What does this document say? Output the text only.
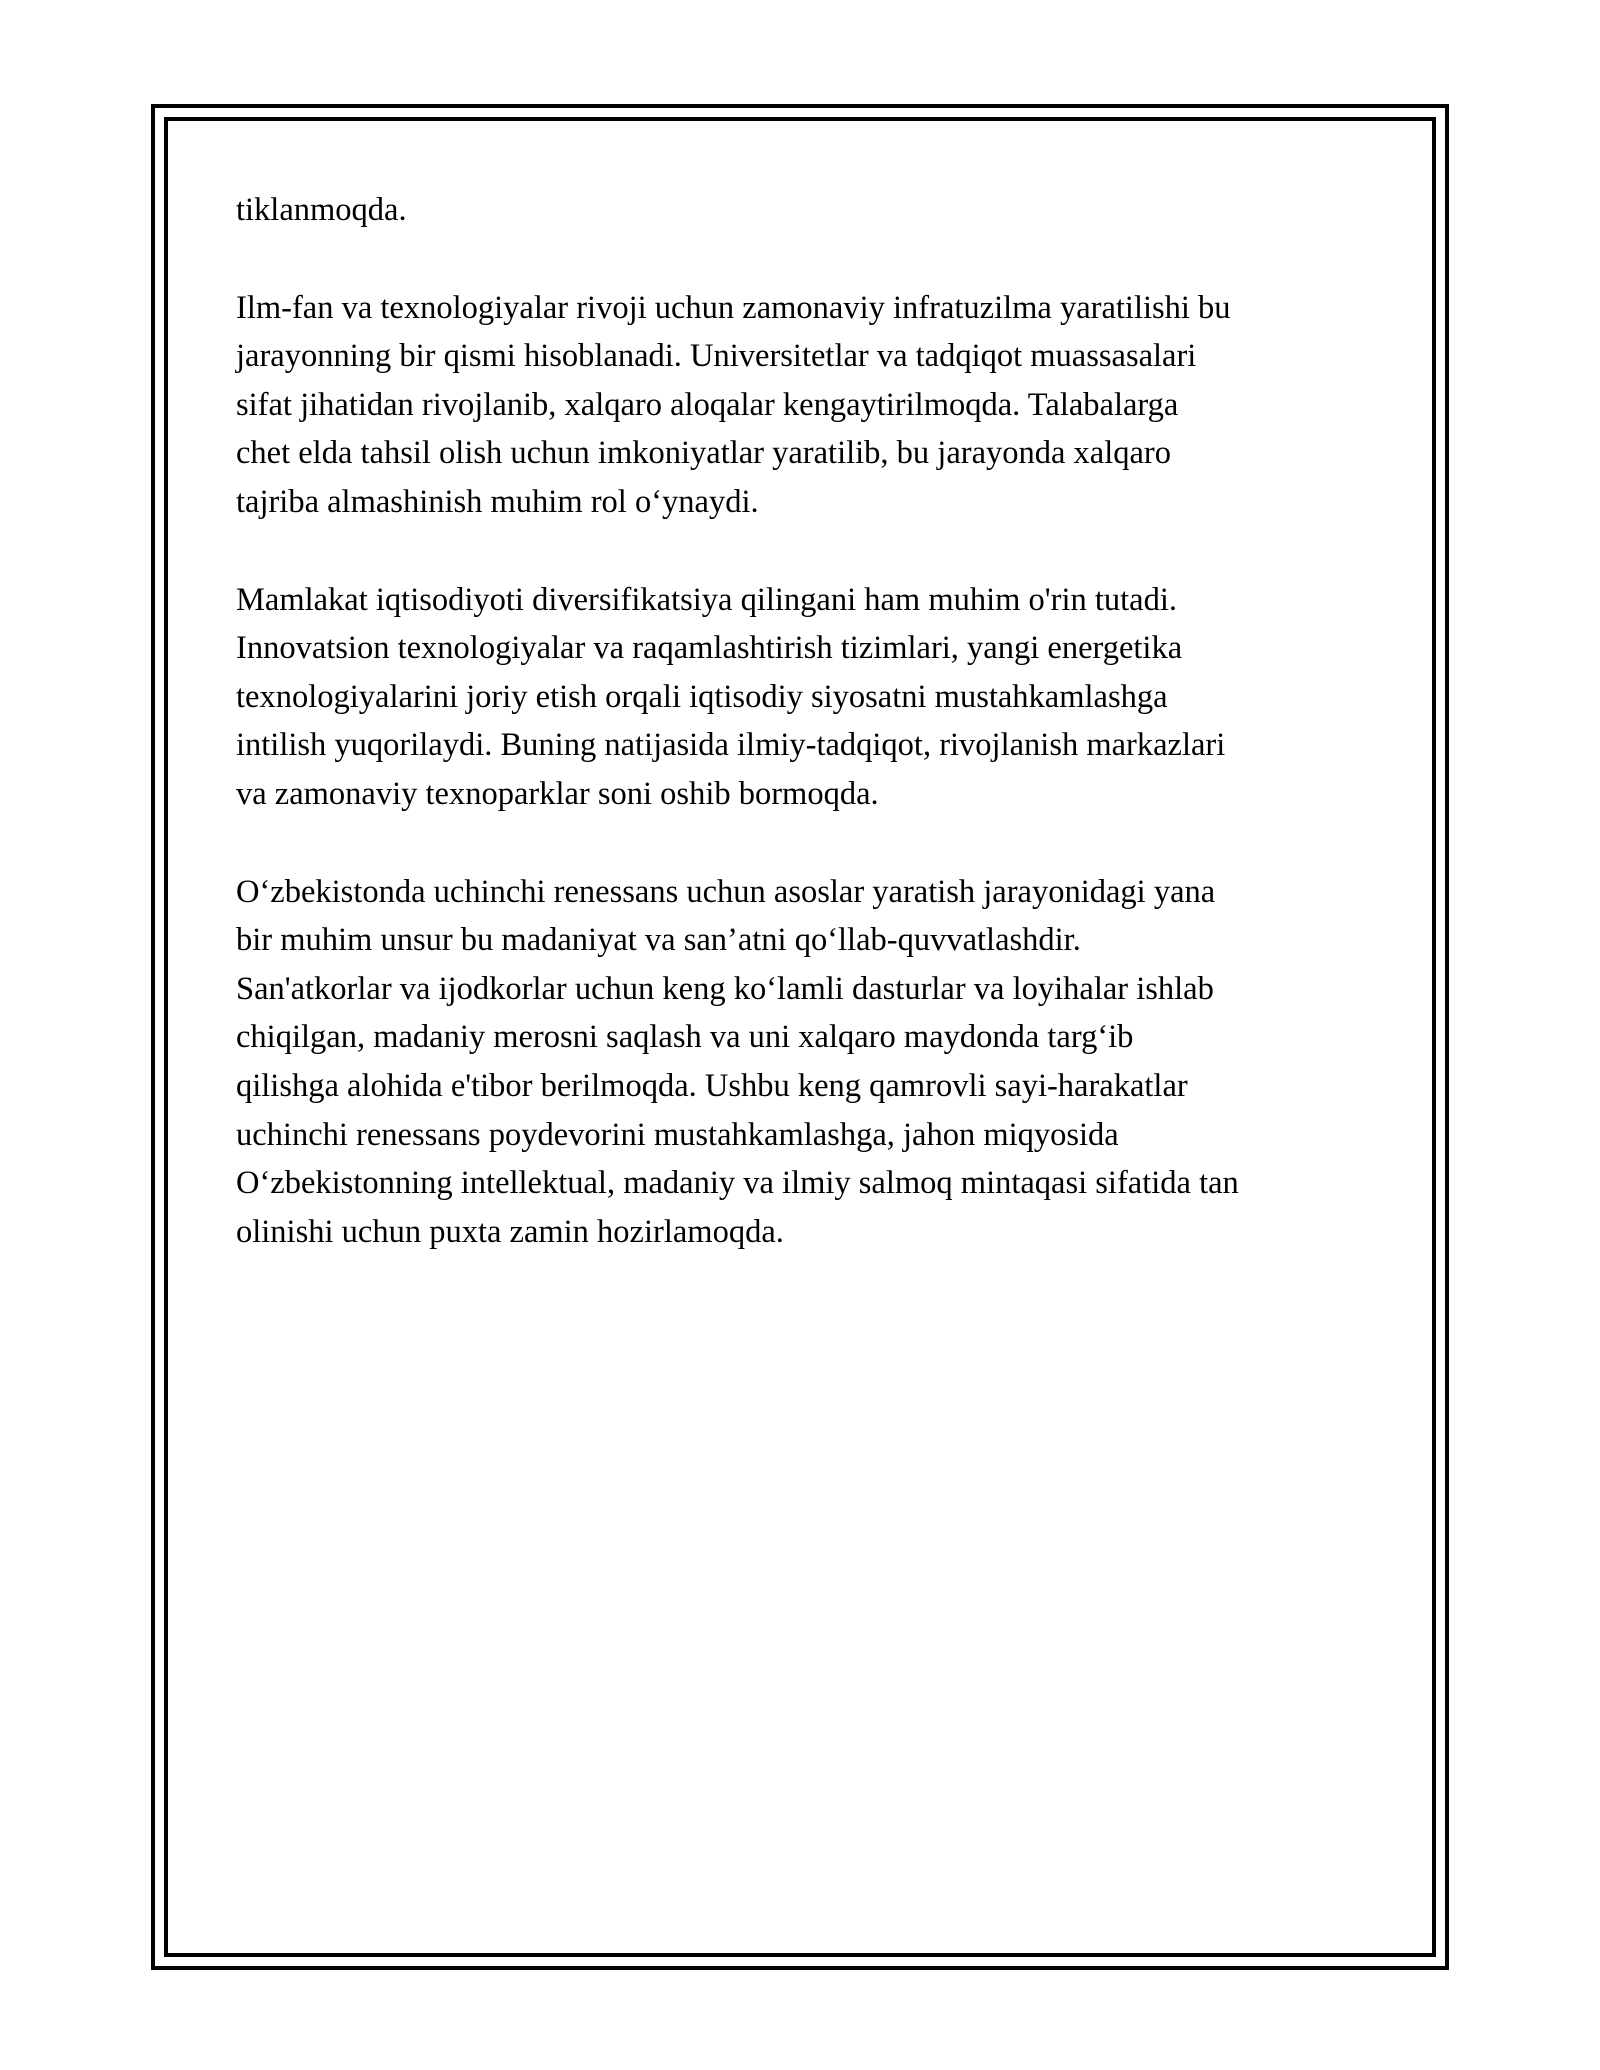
tiklanmoqda.

Ilm-fan va texnologiyalar rivoji uchun zamonaviy infratuzilma yaratilishi bu
jarayonning bir qismi hisoblanadi. Universitetlar va tadqiqot muassasalari
sifat jihatidan rivojlanib, xalqaro aloqalar kengaytirilmoqda. Talabalarga
chet elda tahsil olish uchun imkoniyatlar yaratilib, bu jarayonda xalqaro
tajriba almashinish muhim rol o‘ynaydi.

Mamlakat iqtisodiyoti diversifikatsiya qilingani ham muhim o'rin tutadi.
Innovatsion texnologiyalar va raqamlashtirish tizimlari, yangi energetika
texnologiyalarini joriy etish orqali iqtisodiy siyosatni mustahkamlashga
intilish yuqorilaydi. Buning natijasida ilmiy-tadqiqot, rivojlanish markazlari
va zamonaviy texnoparklar soni oshib bormoqda.

O‘zbekistonda uchinchi renessans uchun asoslar yaratish jarayonidagi yana
bir muhim unsur bu madaniyat va san’atni qo‘llab-quvvatlashdir.
San'atkorlar va ijodkorlar uchun keng ko‘lamli dasturlar va loyihalar ishlab
chiqilgan, madaniy merosni saqlash va uni xalqaro maydonda targ‘ib
qilishga alohida e'tibor berilmoqda. Ushbu keng qamrovli sayi-harakatlar
uchinchi renessans poydevorini mustahkamlashga, jahon miqyosida
O‘zbekistonning intellektual, madaniy va ilmiy salmoq mintaqasi sifatida tan
olinishi uchun puxta zamin hozirlamoqda.
